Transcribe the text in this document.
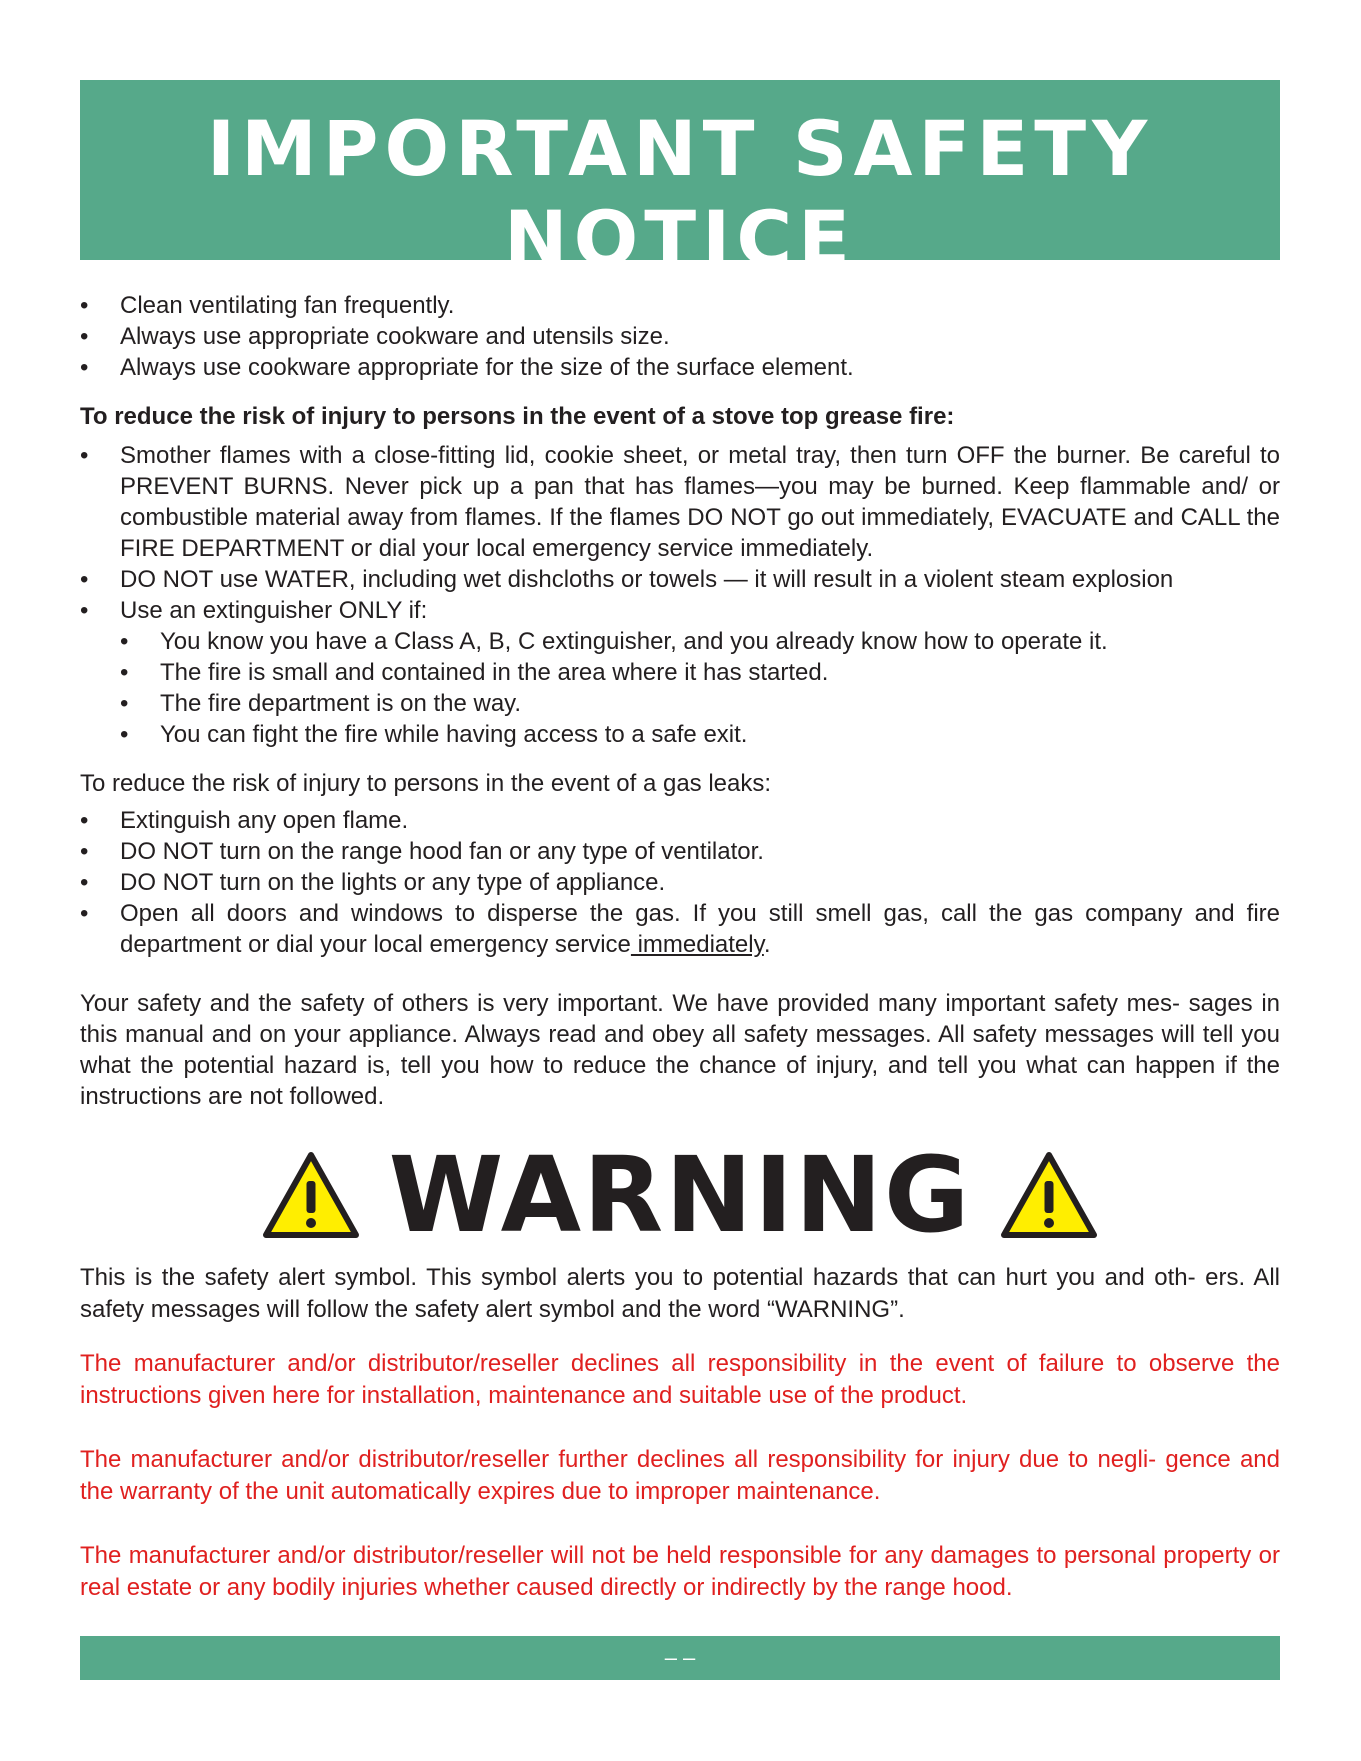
IMPORTANT SAFETY NOTICE
• Clean ventilating fan frequently.
• Always use appropriate cookware and utensils size.
• Always use cookware appropriate for the size of the surface element.
To reduce the risk of injury to persons in the event of a stove top grease fire:
• Smother flames with a close-fitting lid, cookie sheet, or metal tray, then turn OFF the burner. Be careful to PREVENT BURNS. Never pick up a pan that has flames—you may be burned. Keep flammable and/ or combustible material away from flames. If the flames DO NOT go out immediately, EVACUATE and CALL the FIRE DEPARTMENT or dial your local emergency service immediately.
• DO NOT use WATER, including wet dishcloths or towels — it will result in a violent steam explosion
• Use an extinguisher ONLY if:
• You know you have a Class A, B, C extinguisher, and you already know how to operate it.
• The fire is small and contained in the area where it has started.
• The fire department is on the way.
• You can fight the fire while having access to a safe exit.
To reduce the risk of injury to persons in the event of a gas leaks:
• Extinguish any open flame.
• DO NOT turn on the range hood fan or any type of ventilator.
• DO NOT turn on the lights or any type of appliance.
• Open all doors and windows to disperse the gas. If you still smell gas, call the gas company and fire department or dial your local emergency service immediately.

Your safety and the safety of others is very important. We have provided many important safety mes- sages in this manual and on your appliance. Always read and obey all safety messages. All safety messages will tell you what the potential hazard is, tell you how to reduce the chance of injury, and tell you what can happen if the instructions are not followed.

WARNING

This is the safety alert symbol. This symbol alerts you to potential hazards that can hurt you and oth- ers. All safety messages will follow the safety alert symbol and the word “WARNING”.

The manufacturer and/or distributor/reseller declines all responsibility in the event of failure to observe the instructions given here for installation, maintenance and suitable use of the product.

The manufacturer and/or distributor/reseller further declines all responsibility for injury due to negli- gence and the warranty of the unit automatically expires due to improper maintenance.

The manufacturer and/or distributor/reseller will not be held responsible for any damages to personal property or real estate or any bodily injuries whether caused directly or indirectly by the range hood.

– –
